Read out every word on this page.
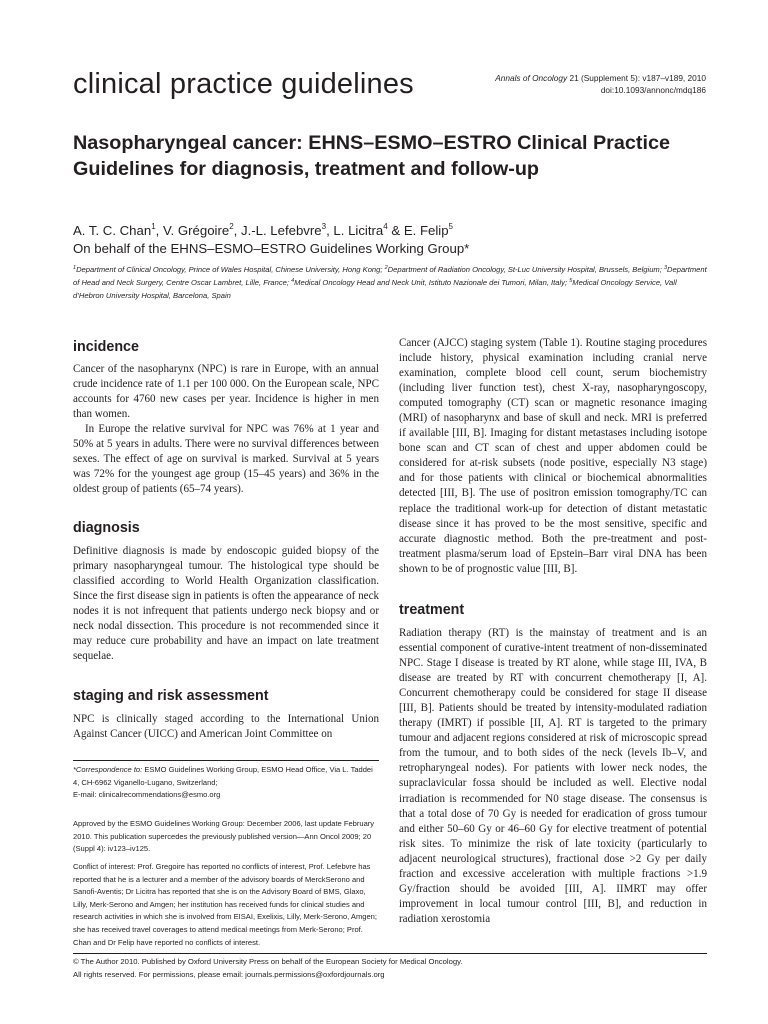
clinical practice guidelines	Annals of Oncology 21 (Supplement 5): v187–v189, 2010
doi:10.1093/annonc/mdq186
Nasopharyngeal cancer: EHNS–ESMO–ESTRO Clinical Practice Guidelines for diagnosis, treatment and follow-up
A. T. C. Chan$^1$, V. Grégoire$^2$, J.-L. Lefebvre$^3$, L. Licitra$^4$ & E. Felip$^5$
On behalf of the EHNS–ESMO–ESTRO Guidelines Working Group*
$^1$Department of Clinical Oncology, Prince of Wales Hospital, Chinese University, Hong Kong; $^2$Department of Radiation Oncology, St-Luc University Hospital, Brussels, Belgium; $^3$Department of Head and Neck Surgery, Centre Oscar Lambret, Lille, France; $^4$Medical Oncology Head and Neck Unit, Istituto Nazionale dei Tumori, Milan, Italy; $^5$Medical Oncology Service, Vall d’Hebron University Hospital, Barcelona, Spain
incidence

Cancer of the nasopharynx (NPC) is rare in Europe, with an annual crude incidence rate of 1.1 per 100 000. On the European scale, NPC accounts for 4760 new cases per year. Incidence is higher in men than women.

In Europe the relative survival for NPC was 76% at 1 year and 50% at 5 years in adults. There were no survival differences between sexes. The effect of age on survival is marked. Survival at 5 years was 72% for the youngest age group (15–45 years) and 36% in the oldest group of patients (65–74 years).

diagnosis

Definitive diagnosis is made by endoscopic guided biopsy of the primary nasopharyngeal tumour. The histological type should be classified according to World Health Organization classification. Since the first disease sign in patients is often the appearance of neck nodes it is not infrequent that patients undergo neck biopsy and or neck nodal dissection. This procedure is not recommended since it may reduce cure probability and have an impact on late treatment sequelae.

staging and risk assessment

NPC is clinically staged according to the International Union Against Cancer (UICC) and American Joint Committee on

*Correspondence to: ESMO Guidelines Working Group, ESMO Head Office, Via L. Taddei 4, CH-6962 Viganello-Lugano, Switzerland;

E-mail: clinicalrecommendations@esmo.org

Approved by the ESMO Guidelines Working Group: December 2006, last update February 2010. This publication supercedes the previously published version—Ann Oncol 2009; 20 (Suppl 4): iv123–iv125.

Conflict of interest: Prof. Gregoire has reported no conflicts of interest, Prof. Lefebvre has reported that he is a lecturer and a member of the advisory boards of MerckSerono and Sanofi-Aventis; Dr Licitra has reported that she is on the Advisory Board of BMS, Glaxo, Lilly, Merk-Serono and Amgen; her institution has received funds for clinical studies and research activities in which she is involved from EISAI, Exelixis, Lilly, Merk-Serono, Amgen; she has received travel coverages to attend medical meetings from Merk-Serono; Prof. Chan and Dr Felip have reported no conflicts of interest.

Cancer (AJCC) staging system (Table 1). Routine staging procedures include history, physical examination including cranial nerve examination, complete blood cell count, serum biochemistry (including liver function test), chest X-ray, nasopharyngoscopy, computed tomography (CT) scan or magnetic resonance imaging (MRI) of nasopharynx and base of skull and neck. MRI is preferred if available [III, B]. Imaging for distant metastases including isotope bone scan and CT scan of chest and upper abdomen could be considered for at-risk subsets (node positive, especially N3 stage) and for those patients with clinical or biochemical abnormalities detected [III, B]. The use of positron emission tomography/TC can replace the traditional work-up for detection of distant metastatic disease since it has proved to be the most sensitive, specific and accurate diagnostic method. Both the pre-treatment and post-treatment plasma/serum load of Epstein–Barr viral DNA has been shown to be of prognostic value [III, B].

treatment

Radiation therapy (RT) is the mainstay of treatment and is an essential component of curative-intent treatment of non-disseminated NPC. Stage I disease is treated by RT alone, while stage III, IVA, B disease are treated by RT with concurrent chemotherapy [I, A]. Concurrent chemotherapy could be considered for stage II disease [III, B]. Patients should be treated by intensity-modulated radiation therapy (IMRT) if possible [II, A]. RT is targeted to the primary tumour and adjacent regions considered at risk of microscopic spread from the tumour, and to both sides of the neck (levels Ib–V, and retropharyngeal nodes). For patients with lower neck nodes, the supraclavicular fossa should be included as well. Elective nodal irradiation is recommended for N0 stage disease. The consensus is that a total dose of 70 Gy is needed for eradication of gross tumour and either 50–60 Gy or 46–60 Gy for elective treatment of potential risk sites. To minimize the risk of late toxicity (particularly to adjacent neurological structures), fractional dose >2 Gy per daily fraction and excessive acceleration with multiple fractions >1.9 Gy/fraction should be avoided [III, A]. IIMRT may offer improvement in local tumour control [III, B], and reduction in radiation xerostomia

© The Author 2010. Published by Oxford University Press on behalf of the European Society for Medical Oncology.
All rights reserved. For permissions, please email: journals.permissions@oxfordjournals.org
